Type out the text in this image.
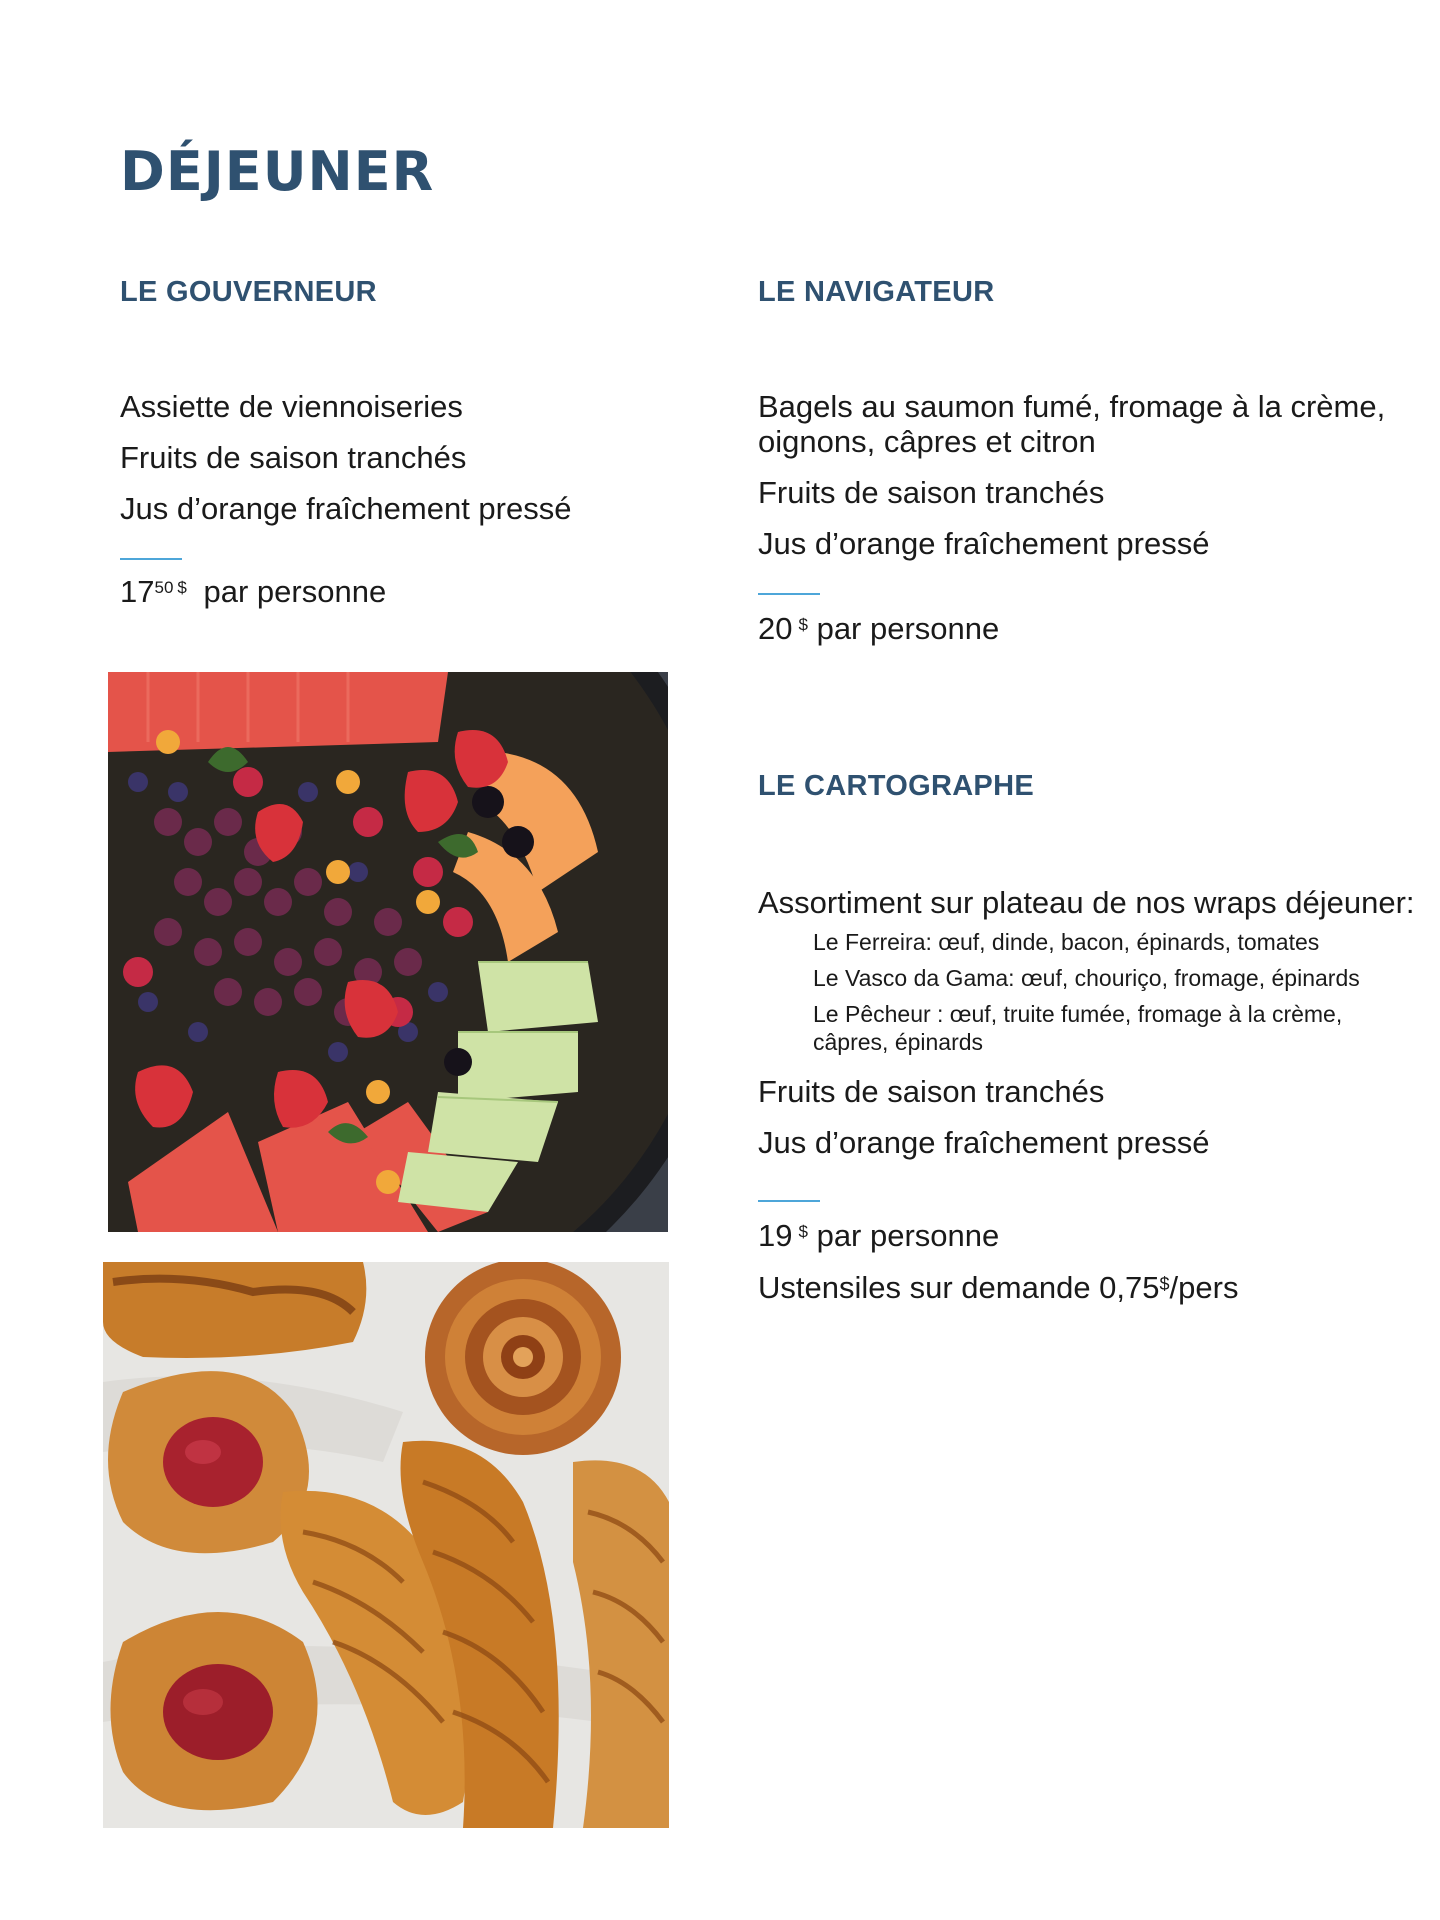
DÉJEUNER
LE GOUVERNEUR
Assiette de viennoiseries
Fruits de saison tranchés
Jus d’orange fraîchement pressé
$17^{50}$ $ par personne
LE NAVIGATEUR
Bagels au saumon fumé, fromage à la crème, oignons, câpres et citron
Fruits de saison tranchés
Jus d’orange fraîchement pressé
20 $ par personne
LE CARTOGRAPHE
Assortiment sur plateau de nos wraps déjeuner:
Le Ferreira: œuf, dinde, bacon, épinards, tomates
Le Vasco da Gama: œuf, chouriço, fromage, épinards
Le Pêcheur : œuf, truite fumée, fromage à la crème, câpres, épinards
Fruits de saison tranchés
Jus d’orange fraîchement pressé
19 $ par personne
Ustensiles sur demande 0,75$/pers
